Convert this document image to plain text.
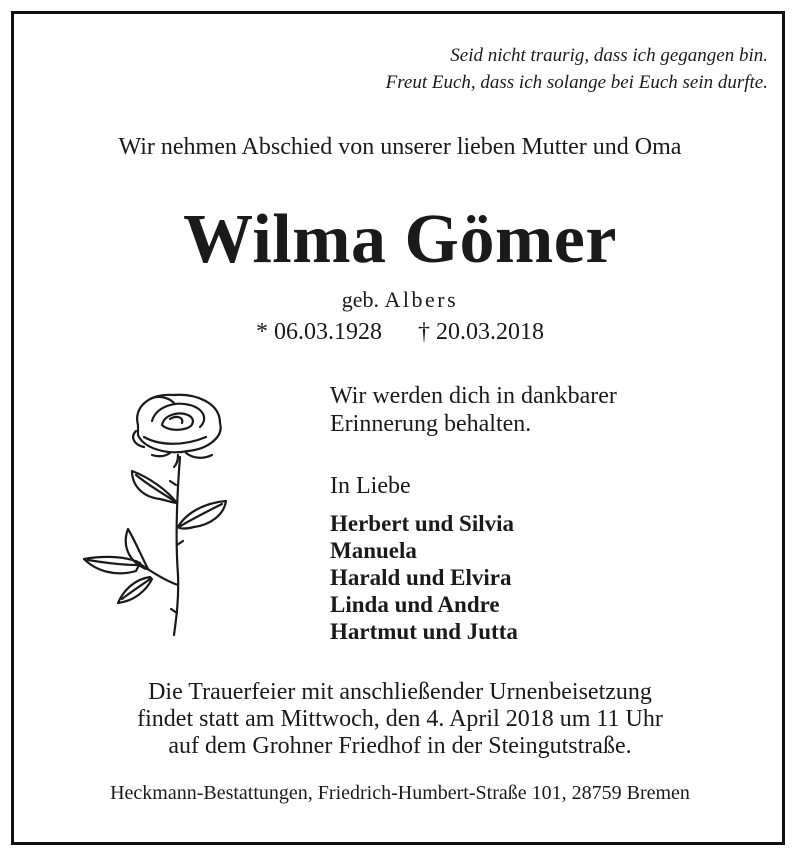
Seid nicht traurig, dass ich gegangen bin.
Freut Euch, dass ich solange bei Euch sein durfte.
Wir nehmen Abschied von unserer lieben Mutter und Oma
Wilma Gömer
geb. Albers
* 06.03.1928 † 20.03.2018
Wir werden dich in dankbarer
Erinnerung behalten.
In Liebe
Herbert und Silvia
Manuela
Harald und Elvira
Linda und Andre
Hartmut und Jutta
Die Trauerfeier mit anschließender Urnenbeisetzung
findet statt am Mittwoch, den 4. April 2018 um 11 Uhr
auf dem Grohner Friedhof in der Steingutstraße.
Heckmann-Bestattungen, Friedrich-Humbert-Straße 101, 28759 Bremen
